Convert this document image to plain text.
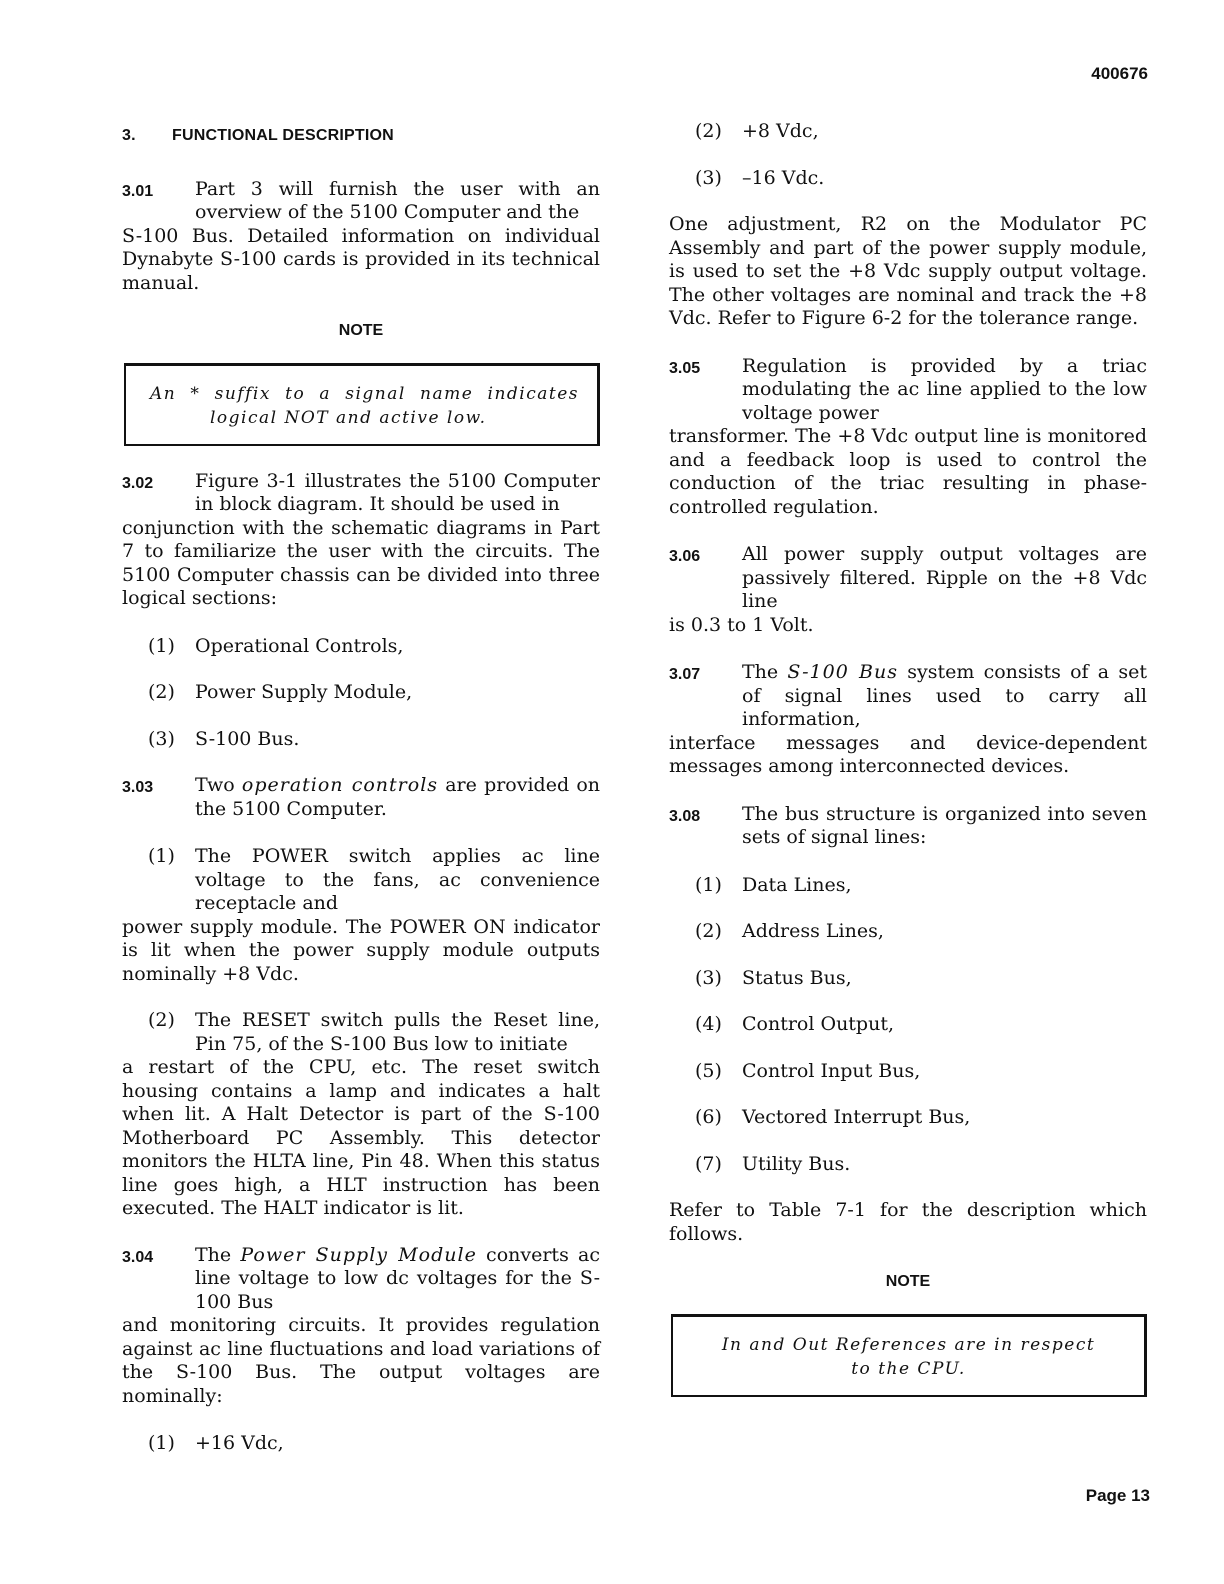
400676
3. FUNCTIONAL DESCRIPTION
3.01	Part 3 will furnish the user with an overview of the 5100 Computer and the
S-100 Bus. Detailed information on individual Dynabyte S-100 cards is provided in its technical manual.
NOTE
An * suffix to a signal name indicates
logical NOT and active low.
3.02	Figure 3-1 illustrates the 5100 Computer in block diagram. It should be used in
conjunction with the schematic diagrams in Part 7 to familiarize the user with the circuits. The 5100 Computer chassis can be divided into three logical sections:
(1)	Operational Controls,
(2)	Power Supply Module,
(3)	S-100 Bus.
3.03	Two operation controls are provided on the 5100 Computer.
(1)	The POWER switch applies ac line voltage to the fans, ac convenience receptacle and
power supply module. The POWER ON indicator is lit when the power supply module outputs nominally +8 Vdc.
(2)	The RESET switch pulls the Reset line, Pin 75, of the S-100 Bus low to initiate
a restart of the CPU, etc. The reset switch housing contains a lamp and indicates a halt when lit. A Halt Detector is part of the S-100 Motherboard PC Assembly. This detector monitors the HLTA line, Pin 48. When this status line goes high, a HLT instruction has been executed. The HALT indicator is lit.
3.04	The Power Supply Module converts ac line voltage to low dc voltages for the S-100 Bus
and monitoring circuits. It provides regulation against ac line fluctuations and load variations of the S-100 Bus. The output voltages are nominally:
(1)	+16 Vdc,
(2)	+8 Vdc,
(3)	–16 Vdc.
One adjustment, R2 on the Modulator PC Assembly and part of the power supply module, is used to set the +8 Vdc supply output voltage. The other voltages are nominal and track the +8 Vdc. Refer to Figure 6-2 for the tolerance range.
3.05	Regulation is provided by a triac modulating the ac line applied to the low voltage power
transformer. The +8 Vdc output line is monitored and a feedback loop is used to control the conduction of the triac resulting in phase-controlled regulation.
3.06	All power supply output voltages are passively filtered. Ripple on the +8 Vdc line
is 0.3 to 1 Volt.
3.07	The S-100 Bus system consists of a set of signal lines used to carry all information,
interface messages and device-dependent messages among interconnected devices.
3.08	The bus structure is organized into seven sets of signal lines:
(1)	Data Lines,
(2)	Address Lines,
(3)	Status Bus,
(4)	Control Output,
(5)	Control Input Bus,
(6)	Vectored Interrupt Bus,
(7)	Utility Bus.
Refer to Table 7-1 for the description which follows.
NOTE
In and Out References are in respect
to the CPU.
Page 13
